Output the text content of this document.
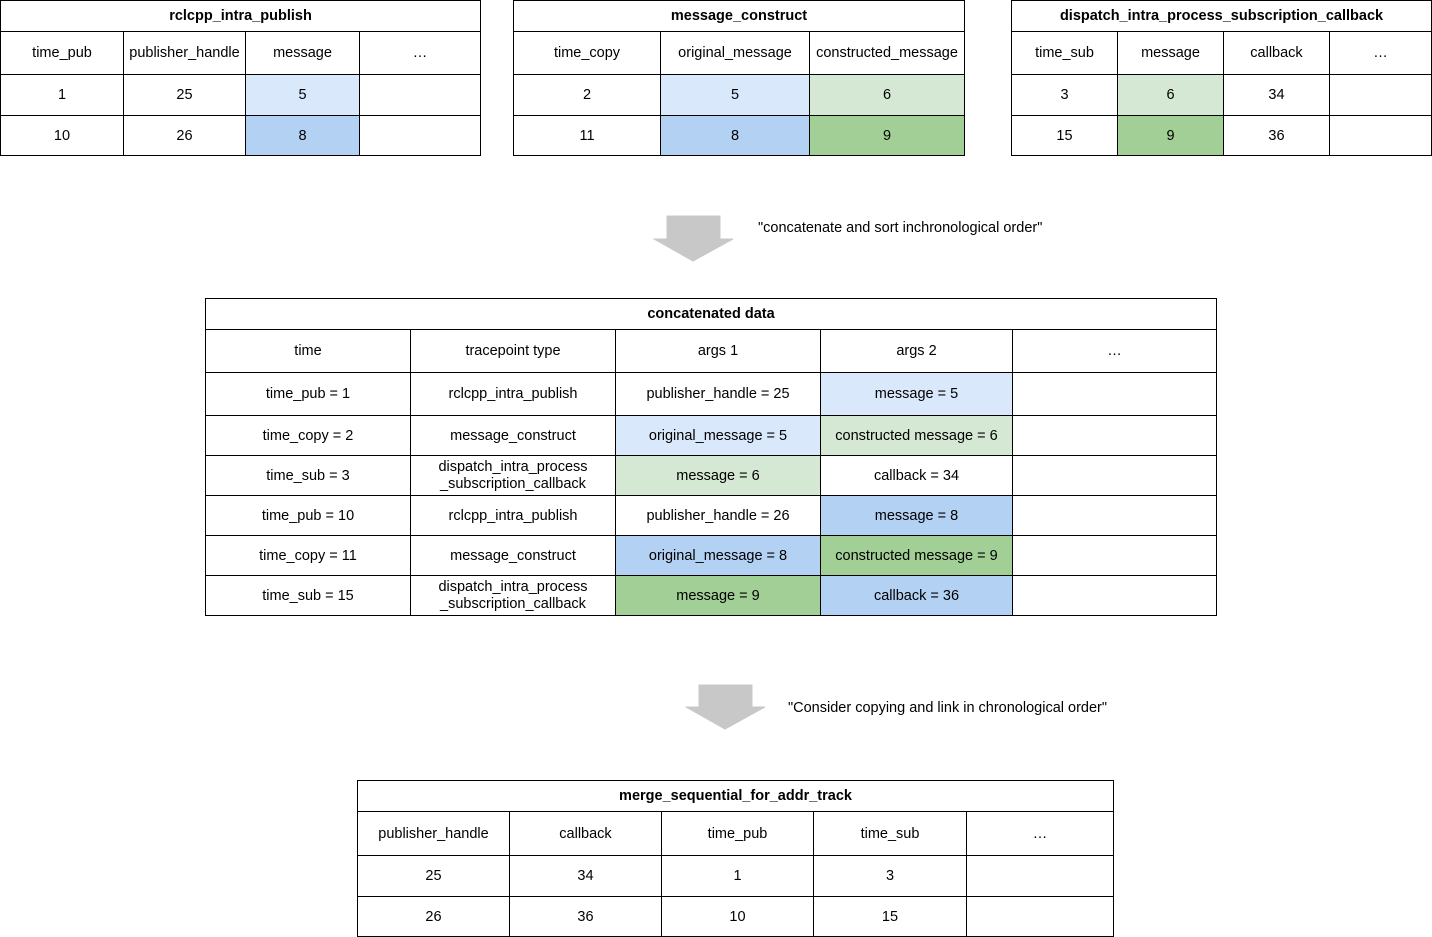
rclcpp_intra_publish			
time_pub	publisher_handle	message	…
1	25	5	
10	26	8	
message_construct		
time_copy	original_message	constructed_message
2	5	6
11	8	9
dispatch_intra_process_subscription_callback			
time_sub	message	callback	…
3	6	34	
15	9	36	
"concatenate and sort inchronological order"
concatenated data				
time	tracepoint type	args 1	args 2	…
time_pub = 1	rclcpp_intra_publish	publisher_handle = 25	message = 5	
time_copy = 2	message_construct	original_message = 5	constructed message = 6	
time_sub = 3	dispatch_intra_process _subscription_callback	message = 6	callback = 34	
time_pub = 10	rclcpp_intra_publish	publisher_handle = 26	message = 8	
time_copy = 11	message_construct	original_message = 8	constructed message = 9	
time_sub = 15	dispatch_intra_process _subscription_callback	message = 9	callback = 36	
"Consider copying and link in chronological order"
merge_sequential_for_addr_track				
publisher_handle	callback	time_pub	time_sub	…
25	34	1	3	
26	36	10	15	
